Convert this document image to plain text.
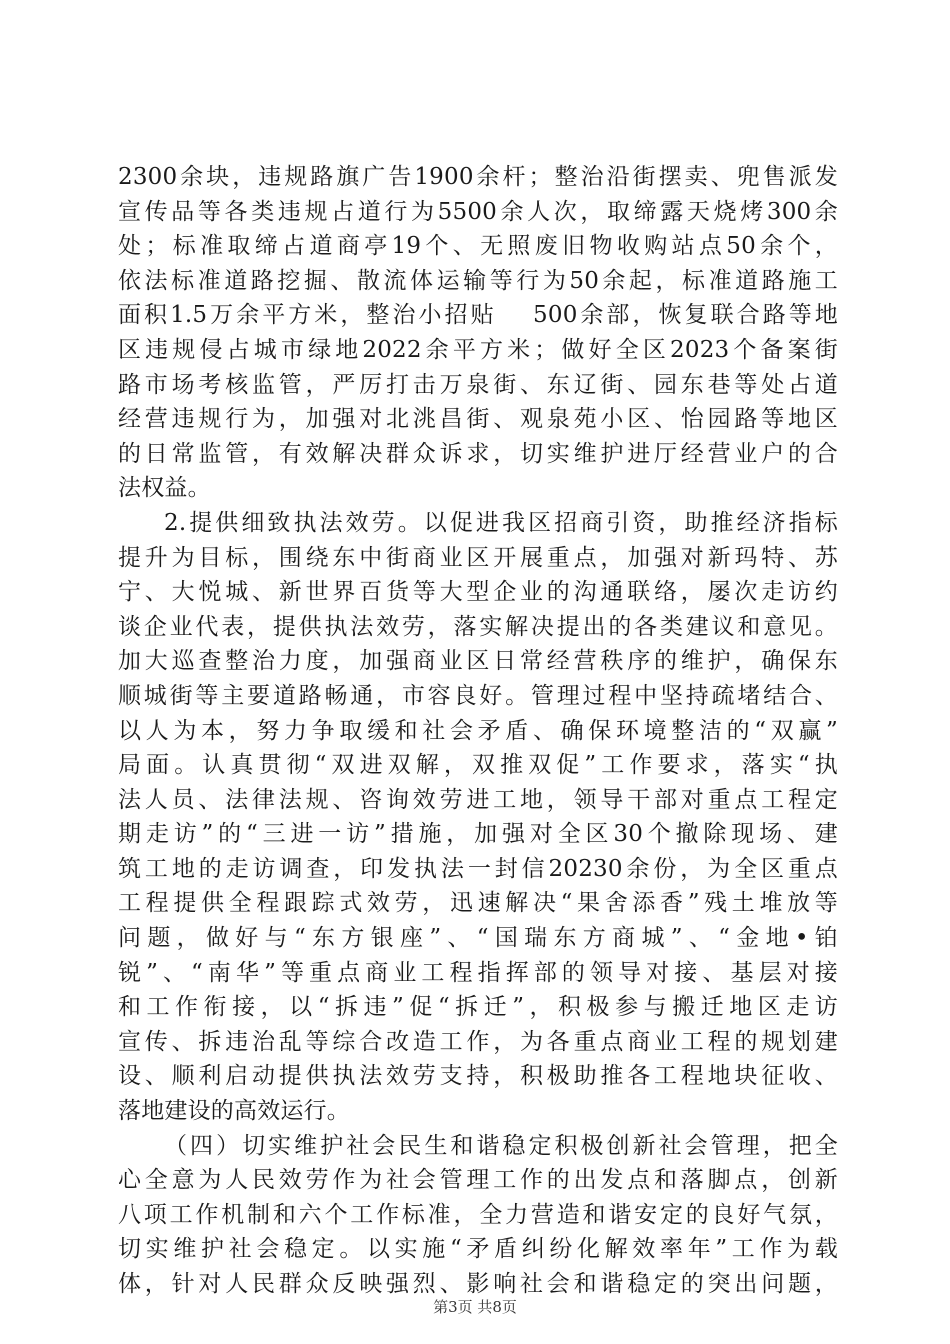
2300余块，违规路旗广告1900余杆；整治沿街摆卖、兜售派发
宣传品等各类违规占道行为5500余人次，取缔露天烧烤300余
处；标准取缔占道商亭19个、无照废旧物收购站点50余个，
依法标准道路挖掘、散流体运输等行为50余起，标准道路施工
面积1.5万余平方米，整治小招贴　 500余部，恢复联合路等地
区违规侵占城市绿地2022余平方米；做好全区2023个备案街
路市场考核监管，严厉打击万泉街、东辽街、园东巷等处占道
经营违规行为，加强对北洮昌街、观泉苑小区、怡园路等地区
的日常监管，有效解决群众诉求，切实维护进厅经营业户的合
法权益。
2.提供细致执法效劳。以促进我区招商引资，助推经济指标
提升为目标，围绕东中街商业区开展重点，加强对新玛特、苏
宁、大悦城、新世界百货等大型企业的沟通联络，屡次走访约
谈企业代表，提供执法效劳，落实解决提出的各类建议和意见。
加大巡查整治力度，加强商业区日常经营秩序的维护，确保东
顺城街等主要道路畅通，市容良好。管理过程中坚持疏堵结合、
以人为本，努力争取缓和社会矛盾、确保环境整洁的“双赢”
局面。认真贯彻“双进双解，双推双促”工作要求，落实“执
法人员、法律法规、咨询效劳进工地，领导干部对重点工程定
期走访”的“三进一访”措施，加强对全区30个撤除现场、建
筑工地的走访调查，印发执法一封信20230余份，为全区重点
工程提供全程跟踪式效劳，迅速解决“果舍添香”残土堆放等
问题，做好与“东方银座”、“国瑞东方商城”、“金地•铂
锐”、“南华”等重点商业工程指挥部的领导对接、基层对接
和工作衔接，以“拆违”促“拆迁”，积极参与搬迁地区走访
宣传、拆违治乱等综合改造工作，为各重点商业工程的规划建
设、顺利启动提供执法效劳支持，积极助推各工程地块征收、
落地建设的高效运行。
（四）切实维护社会民生和谐稳定积极创新社会管理，把全
心全意为人民效劳作为社会管理工作的出发点和落脚点，创新
八项工作机制和六个工作标准，全力营造和谐安定的良好气氛，
切实维护社会稳定。以实施“矛盾纠纷化解效率年”工作为载
体，针对人民群众反映强烈、影响社会和谐稳定的突出问题，
第3页 共8页
